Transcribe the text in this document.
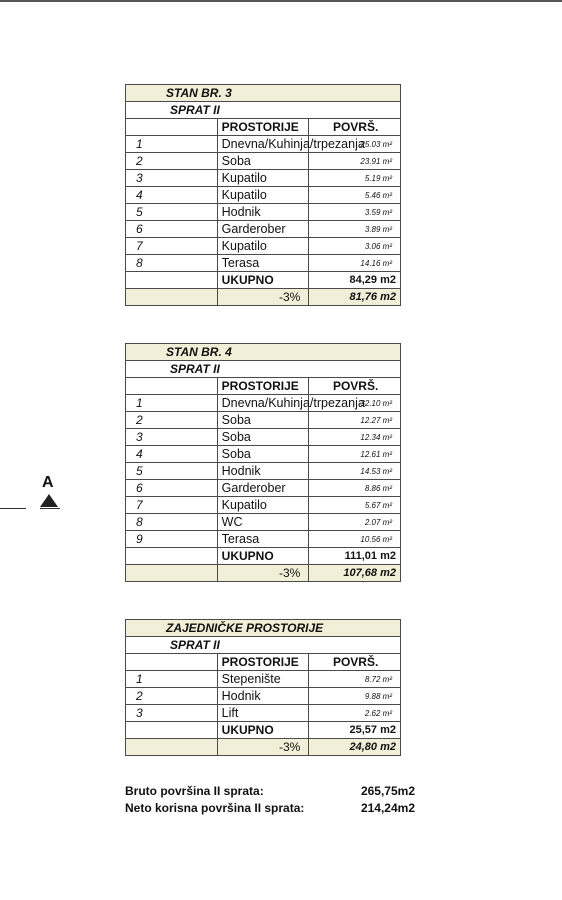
STAN BR. 3		
SPRAT II		
	PROSTORIJE	POVRŠ.
1	Dnevna/Kuhinja/trpezanja	25.03 m²
2	Soba	23.91 m²
3	Kupatilo	5.19 m²
4	Kupatilo	5.46 m²
5	Hodnik	3.59 m²
6	Garderober	3.89 m²
7	Kupatilo	3.06 m²
8	Terasa	14.16 m²
	UKUPNO	84,29 m2
	-3%	81,76 m2
STAN BR. 4		
SPRAT II		
	PROSTORIJE	POVRŠ.
1	Dnevna/Kuhinja/trpezanja	32.10 m²
2	Soba	12.27 m²
3	Soba	12.34 m²
4	Soba	12.61 m²
5	Hodnik	14.53 m²
6	Garderober	8.86 m²
7	Kupatilo	5.67 m²
8	WC	2.07 m²
9	Terasa	10.56 m²
	UKUPNO	111,01 m2
	-3%	107,68 m2
ZAJEDNIČKE PROSTORIJE		
SPRAT II		
	PROSTORIJE	POVRŠ.
1	Stepenište	8.72 m²
2	Hodnik	9.88 m²
3	Lift	2.62 m²
	UKUPNO	25,57 m2
	-3%	24,80 m2
A
Bruto površina II sprata:	265,75m2
Neto korisna površina II sprata:	214,24m2
